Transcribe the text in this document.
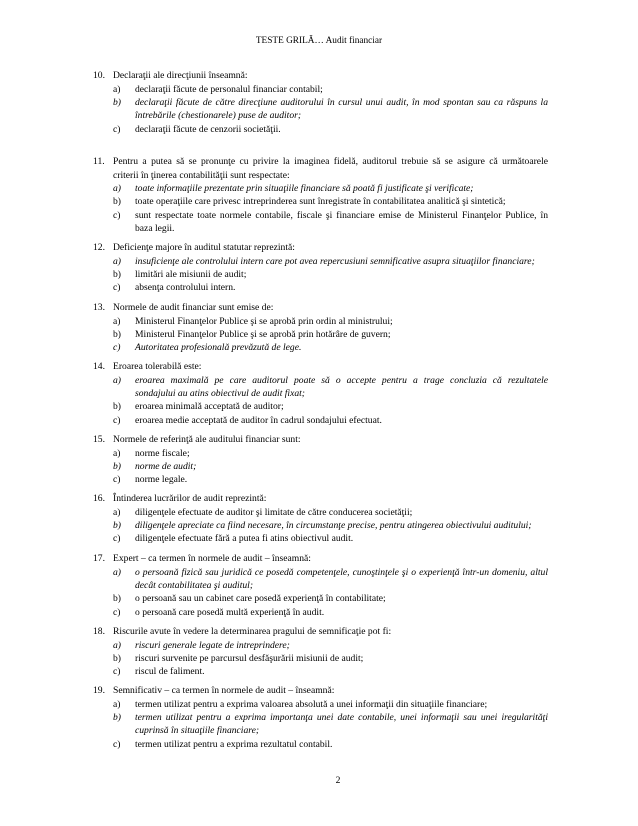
TESTE GRILĂ… Audit financiar
10. Declaraţii ale direcţiunii înseamnă:
a) declaraţii făcute de personalul financiar contabil;
b) declaraţii făcute de către direcţiune auditorului în cursul unui audit, în mod spontan sau ca răspuns la
întrebările (chestionarele) puse de auditor;
c) declaraţii făcute de cenzorii societăţii.
11. Pentru a putea să se pronunţe cu privire la imaginea fidelă, auditorul trebuie să se asigure că următoarele
criterii în ţinerea contabilităţii sunt respectate:
a) toate informaţiile prezentate prin situaţiile financiare să poată fi justificate şi verificate;
b) toate operaţiile care privesc intreprinderea sunt înregistrate în contabilitatea analitică şi sintetică;
c) sunt respectate toate normele contabile, fiscale şi financiare emise de Ministerul Finanţelor Publice, în
baza legii.
12. Deficienţe majore în auditul statutar reprezintă:
a) insuficienţe ale controlului intern care pot avea repercusiuni semnificative asupra situaţiilor financiare;
b) limitări ale misiunii de audit;
c) absenţa controlului intern.
13. Normele de audit financiar sunt emise de:
a) Ministerul Finanţelor Publice şi se aprobă prin ordin al ministrului;
b) Ministerul Finanţelor Publice şi se aprobă prin hotărâre de guvern;
c) Autoritatea profesională prevăzută de lege.
14. Eroarea tolerabilă este:
a) eroarea maximală pe care auditorul poate să o accepte pentru a trage concluzia că rezultatele
sondajului au atins obiectivul de audit fixat;
b) eroarea minimală acceptată de auditor;
c) eroarea medie acceptată de auditor în cadrul sondajului efectuat.
15. Normele de referinţă ale auditului financiar sunt:
a) norme fiscale;
b) norme de audit;
c) norme legale.
16. Întinderea lucrărilor de audit reprezintă:
a) diligenţele efectuate de auditor şi limitate de către conducerea societăţii;
b) diligenţele apreciate ca fiind necesare, în circumstanţe precise, pentru atingerea obiectivului auditului;
c) diligenţele efectuate fără a putea fi atins obiectivul audit.
17. Expert – ca termen în normele de audit – înseamnă:
a) o persoană fizică sau juridică ce posedă competenţele, cunoştinţele şi o experienţă într-un domeniu, altul
decât contabilitatea şi auditul;
b) o persoană sau un cabinet care posedă experienţă în contabilitate;
c) o persoană care posedă multă experienţă în audit.
18. Riscurile avute în vedere la determinarea pragului de semnificaţie pot fi:
a) riscuri generale legate de intreprindere;
b) riscuri survenite pe parcursul desfăşurării misiunii de audit;
c) riscul de faliment.
19. Semnificativ – ca termen în normele de audit – înseamnă:
a) termen utilizat pentru a exprima valoarea absolută a unei informaţii din situaţiile financiare;
b) termen utilizat pentru a exprima importanţa unei date contabile, unei informaţii sau unei iregularităţi
cuprinsă în situaţiile financiare;
c) termen utilizat pentru a exprima rezultatul contabil.
2
